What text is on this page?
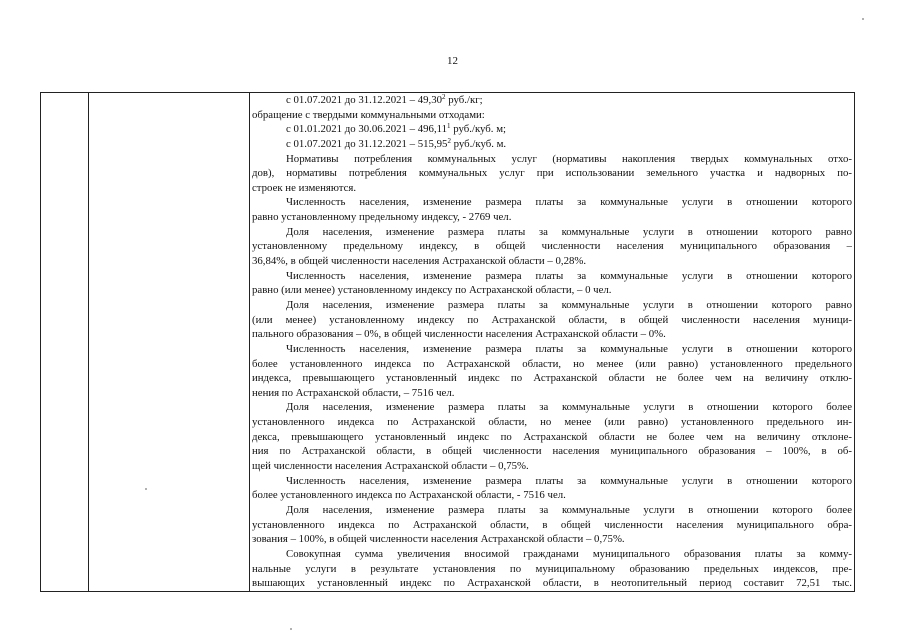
12
с 01.07.2021 до 31.12.2021 – 49,30$^2$ руб./кг;
обращение с твердыми коммунальными отходами:
с 01.01.2021 до 30.06.2021 – 496,11$^1$ руб./куб. м;
с 01.07.2021 до 31.12.2021 – 515,95$^2$ руб./куб. м.
Нормативы потребления коммунальных услуг (нормативы накопления твердых коммунальных отхо-
дов), нормативы потребления коммунальных услуг при использовании земельного участка и надворных по-
строек не изменяются.
Численность населения, изменение размера платы за коммунальные услуги в отношении которого
равно установленному предельному индексу, - 2769 чел.
Доля населения, изменение размера платы за коммунальные услуги в отношении которого равно
установленному предельному индексу, в общей численности населения муниципального образования –
36,84%, в общей численности населения Астраханской области – 0,28%.
Численность населения, изменение размера платы за коммунальные услуги в отношении которого
равно (или менее) установленному индексу по Астраханской области, – 0 чел.
Доля населения, изменение размера платы за коммунальные услуги в отношении которого равно
(или менее) установленному индексу по Астраханской области, в общей численности населения муници-
пального образования – 0%, в общей численности населения Астраханской области – 0%.
Численность населения, изменение размера платы за коммунальные услуги в отношении которого
более установленного индекса по Астраханской области, но менее (или равно) установленного предельного
индекса, превышающего установленный индекс по Астраханской области не более чем на величину отклю-
нения по Астраханской области, – 7516 чел.
Доля населения, изменение размера платы за коммунальные услуги в отношении которого более
установленного индекса по Астраханской области, но менее (или равно) установленного предельного ин-
декса, превышающего установленный индекс по Астраханской области не более чем на величину отклоне-
ния по Астраханской области, в общей численности населения муниципального образования – 100%, в об-
щей численности населения Астраханской области – 0,75%.
Численность населения, изменение размера платы за коммунальные услуги в отношении которого
более установленного индекса по Астраханской области, - 7516 чел.
Доля населения, изменение размера платы за коммунальные услуги в отношении которого более
установленного индекса по Астраханской области, в общей численности населения муниципального обра-
зования – 100%, в общей численности населения Астраханской области – 0,75%.
Совокупная сумма увеличения вносимой гражданами муниципального образования платы за комму-
нальные услуги в результате установления по муниципальному образованию предельных индексов, пре-
вышающих установленный индекс по Астраханской области, в неотопительный период составит 72,51 тыс.
